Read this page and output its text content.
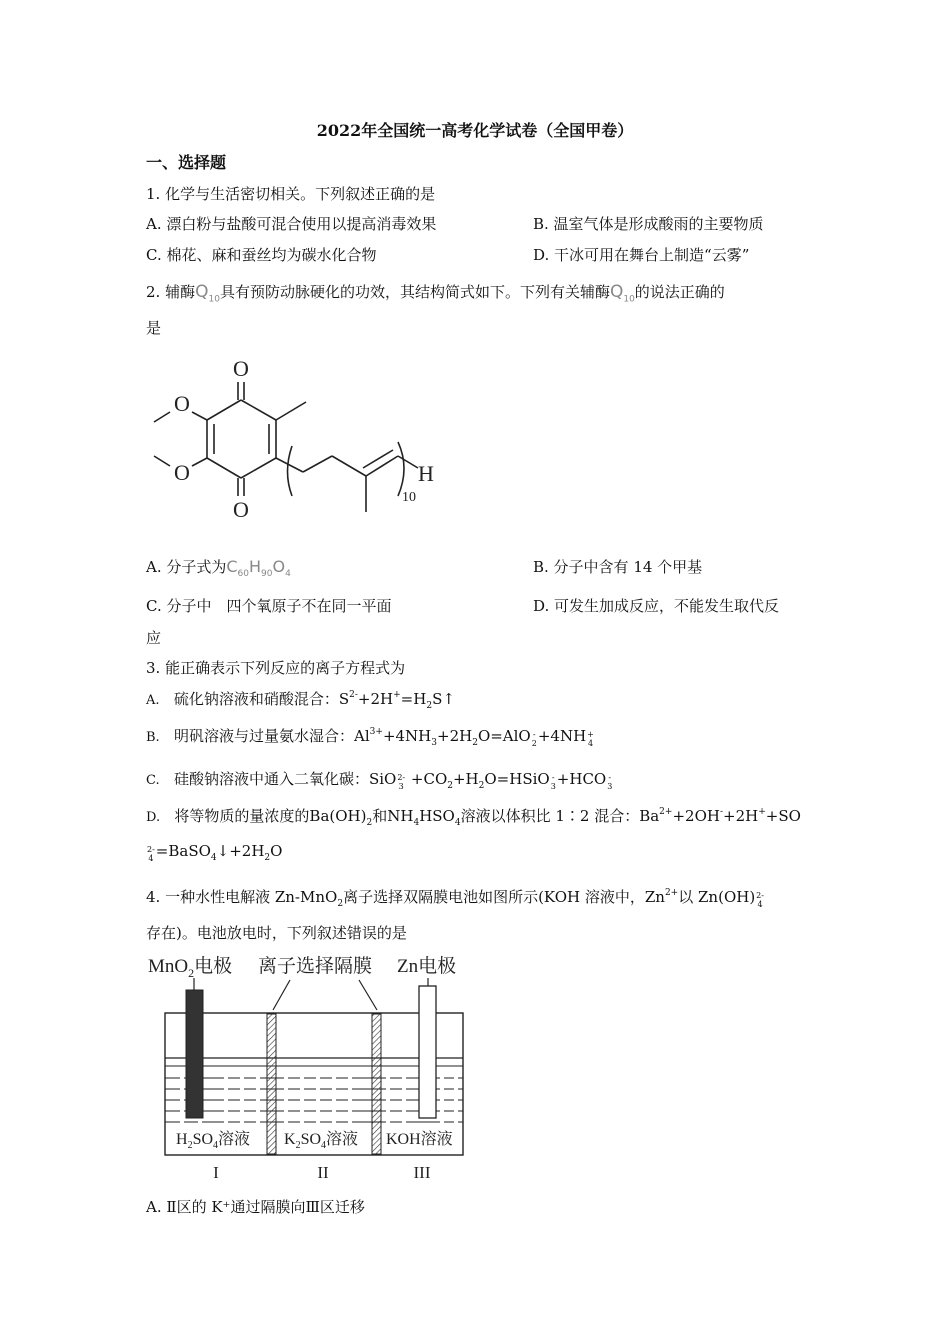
2022年全国统一高考化学试卷（全国甲卷）
一、选择题
1. 化学与生活密切相关。下列叙述正确的是
A. 漂白粉与盐酸可混合使用以提高消毒效果	B. 温室气体是形成酸雨的主要物质
C. 棉花、麻和蚕丝均为碳水化合物	D. 干冰可用在舞台上制造“云雾”
2. 辅酶$Q_{10}$具有预防动脉硬化的功效，其结构简式如下。下列有关辅酶$Q_{10}$的说法正确的
是
O
O
O
O	H
10
A. 分子式为$C_{60}H_{90}O_4$	B. 分子中含有 14 个甲基
C. 分子中　四个氧原子不在同一平面	D. 可发生加成反应，不能发生取代反
应
3. 能正确表示下列反应的离子方程式为
A. 硫化钠溶液和硝酸混合：$S^{2-}+2H^+=H_2S↑$
B. 明矾溶液与过量氨水湿合：$Al^{3+}+4NH_3+2H_2O=AlO$ -
2+4NH+
4
C. 硅酸钠溶液中通入二氧化碳：SiO2-
$3 +CO_2+H_2O=HSiO$ -
3+HCO -
3
D. 将等物质的量浓度的$Ba(OH)_2$和$NH_4HSO_4$溶液以体积比 1∶2 混合：$Ba^{2+}+2OH^-+2H^++SO$
2-
$4 =BaSO_4↓+2H_2O$
4. 一种水性电解液 Zn-MnO$_2$离子选择双隔膜电池如图所示(KOH 溶液中，$Zn^{2+}$以 Zn(OH)2-
4
存在)。电池放电时，下列叙述错误的是
MnO$_2$电极 离子选择隔膜 Zn电极
$H_2SO_4$溶液 $K_2SO_4$溶液 KOH溶液
I	II	III
A. Ⅱ区的 K⁺通过隔膜向Ⅲ区迁移
